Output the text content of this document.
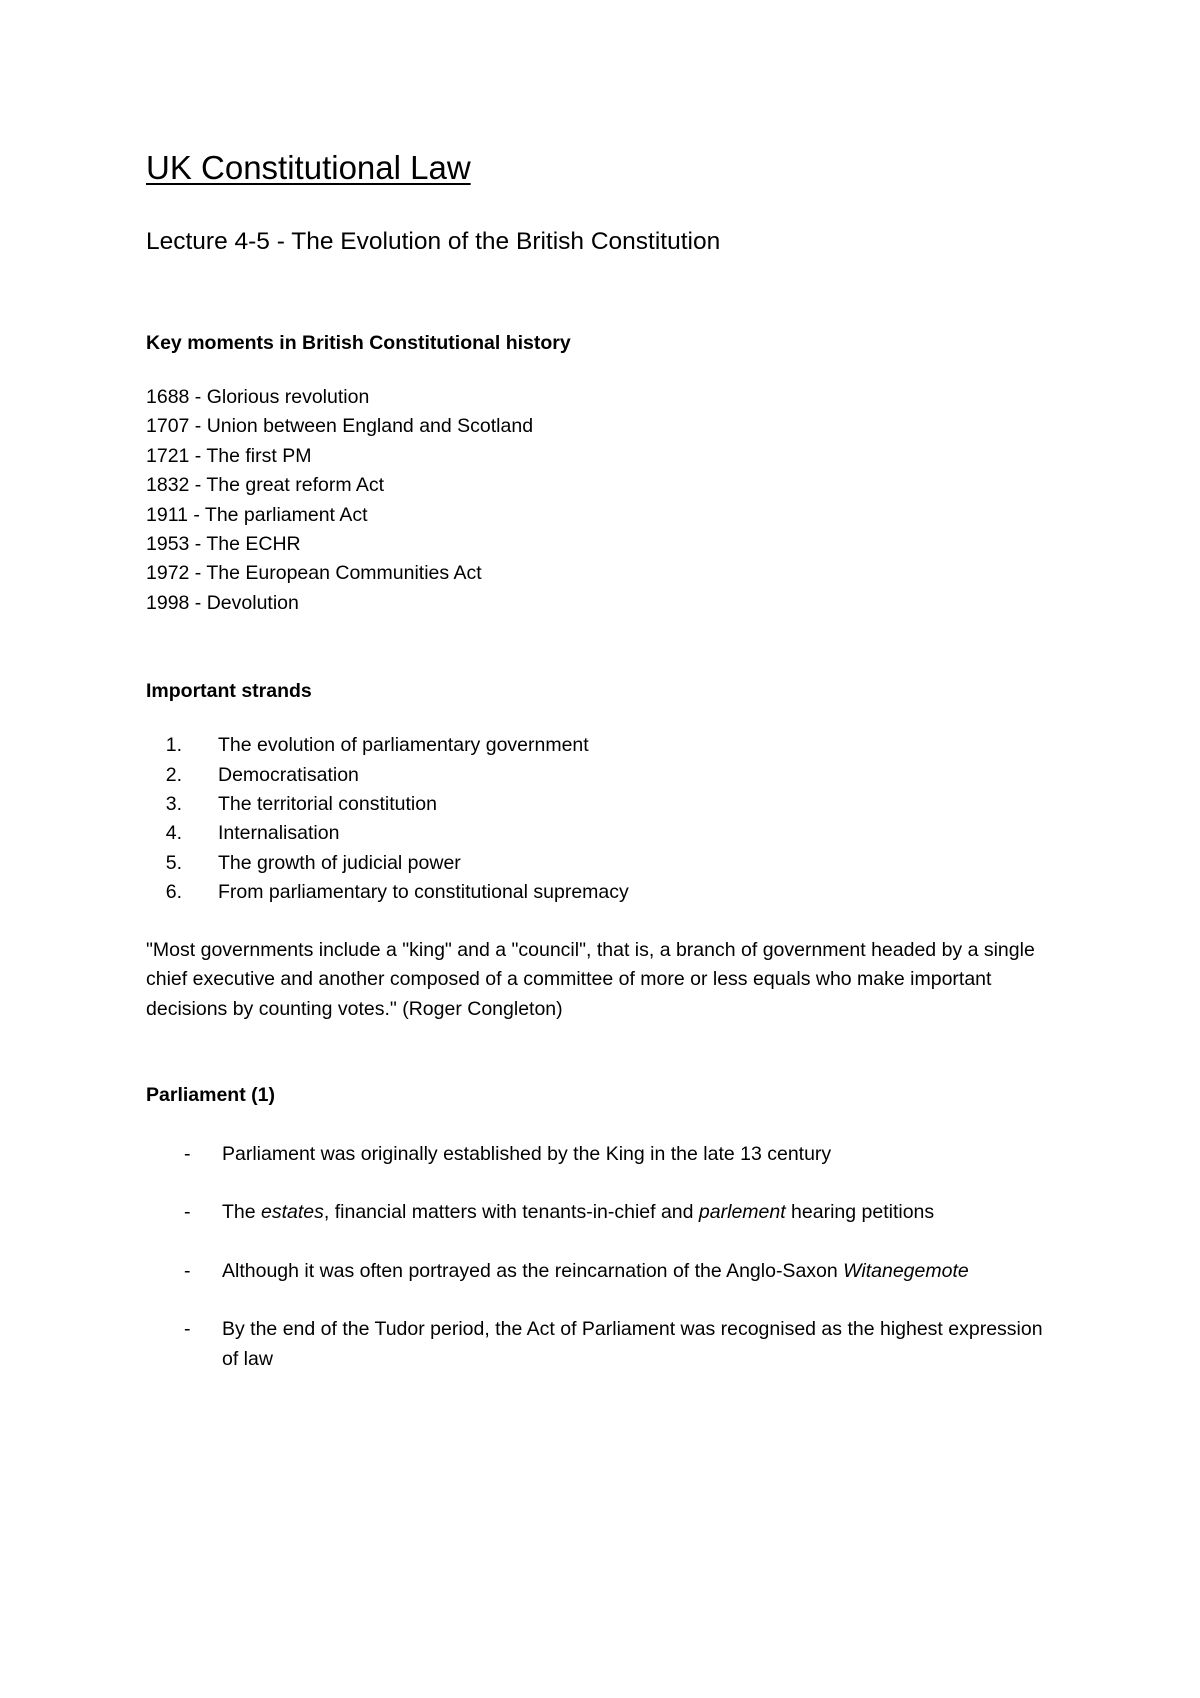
UK Constitutional Law
Lecture 4-5 - The Evolution of the British Constitution
Key moments in British Constitutional history
1688 - Glorious revolution
1707 - Union between England and Scotland
1721 - The first PM
1832 - The great reform Act
1911 - The parliament Act
1953 - The ECHR
1972 - The European Communities Act
1998 - Devolution
Important strands
1.	The evolution of parliamentary government
2.	Democratisation
3.	The territorial constitution
4.	Internalisation
5.	The growth of judicial power
6.	From parliamentary to constitutional supremacy

"Most governments include a "king" and a "council", that is, a branch of government headed by a single chief executive and another composed of a committee of more or less equals who make important decisions by counting votes." (Roger Congleton)

Parliament (1)
-	Parliament was originally established by the King in the late 13 century
-	The estates, financial matters with tenants-in-chief and parlement hearing petitions
-	Although it was often portrayed as the reincarnation of the Anglo-Saxon Witanegemote
-	By the end of the Tudor period, the Act of Parliament was recognised as the highest expression of law
